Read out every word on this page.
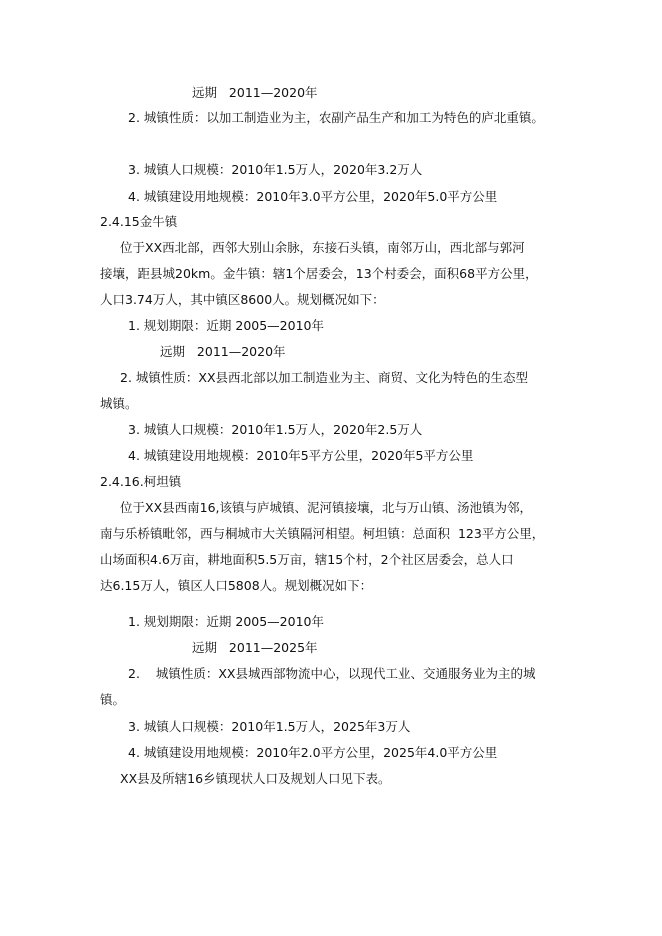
远期   2011—2020年
2. 城镇性质：以加工制造业为主，农副产品生产和加工为特色的庐北重镇。
3. 城镇人口规模：2010年1.5万人，2020年3.2万人
4. 城镇建设用地规模：2010年3.0平方公里，2020年5.0平方公里
2.4.15金牛镇
位于XX西北部，西邻大别山余脉，东接石头镇，南邻万山，西北部与郭河
接壤，距县城20km。金牛镇：辖1个居委会，13个村委会，面积68平方公里，
人口3.74万人，其中镇区8600人。规划概况如下：
1. 规划期限：近期 2005—2010年
远期   2011—2020年
2. 城镇性质：XX县西北部以加工制造业为主、商贸、文化为特色的生态型
城镇。
3. 城镇人口规模：2010年1.5万人，2020年2.5万人
4. 城镇建设用地规模：2010年5平方公里，2020年5平方公里
2.4.16.柯坦镇
位于XX县西南16,该镇与庐城镇、泥河镇接壤，北与万山镇、汤池镇为邻，
南与乐桥镇毗邻，西与桐城市大关镇隔河相望。柯坦镇：总面积  123平方公里，
山场面积4.6万亩，耕地面积5.5万亩，辖15个村，2个社区居委会，总人口
达6.15万人，镇区人口5808人。规划概况如下：
1. 规划期限：近期 2005—2010年
远期   2011—2025年
2.    城镇性质：XX县城西部物流中心，以现代工业、交通服务业为主的城
镇。
3. 城镇人口规模：2010年1.5万人，2025年3万人
4. 城镇建设用地规模：2010年2.0平方公里，2025年4.0平方公里
XX县及所辖16乡镇现状人口及规划人口见下表。
